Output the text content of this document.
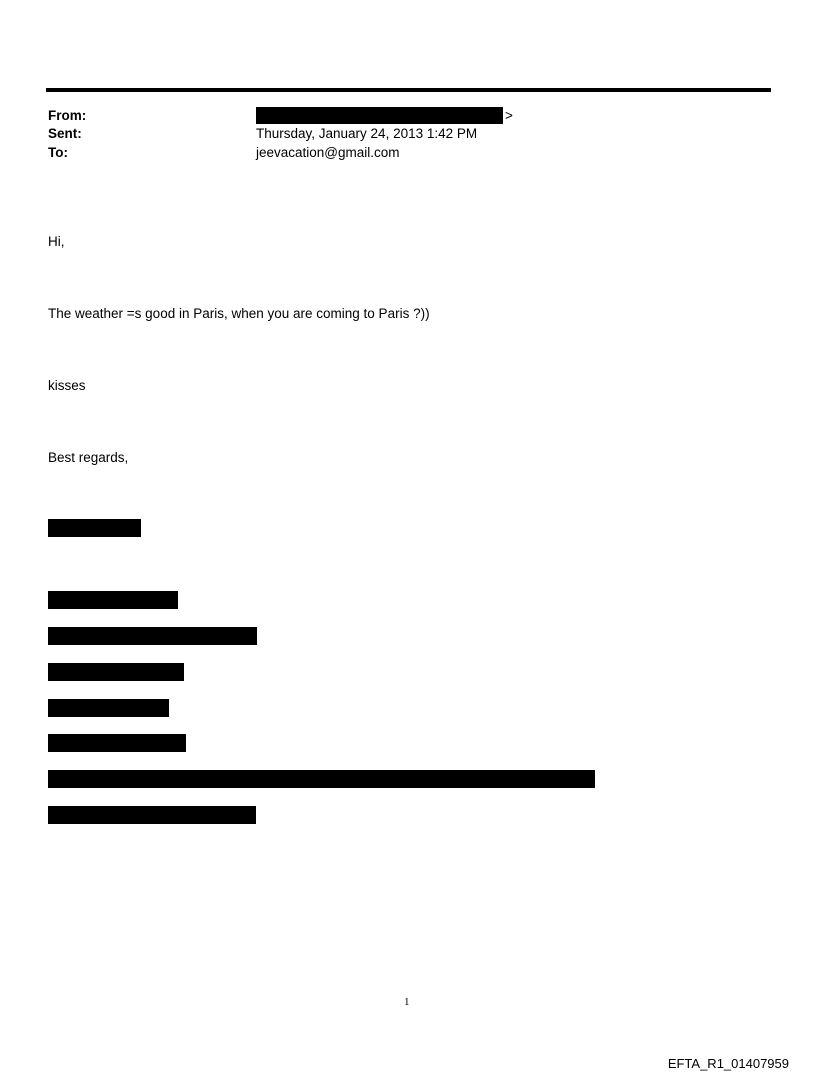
From:	>
Sent:	Thursday, January 24, 2013 1:42 PM
To:	jeevacation@gmail.com
Hi,
The weather =s good in Paris, when you are coming to Paris ?))
kisses
Best regards,
1
EFTA_R1_01407959
